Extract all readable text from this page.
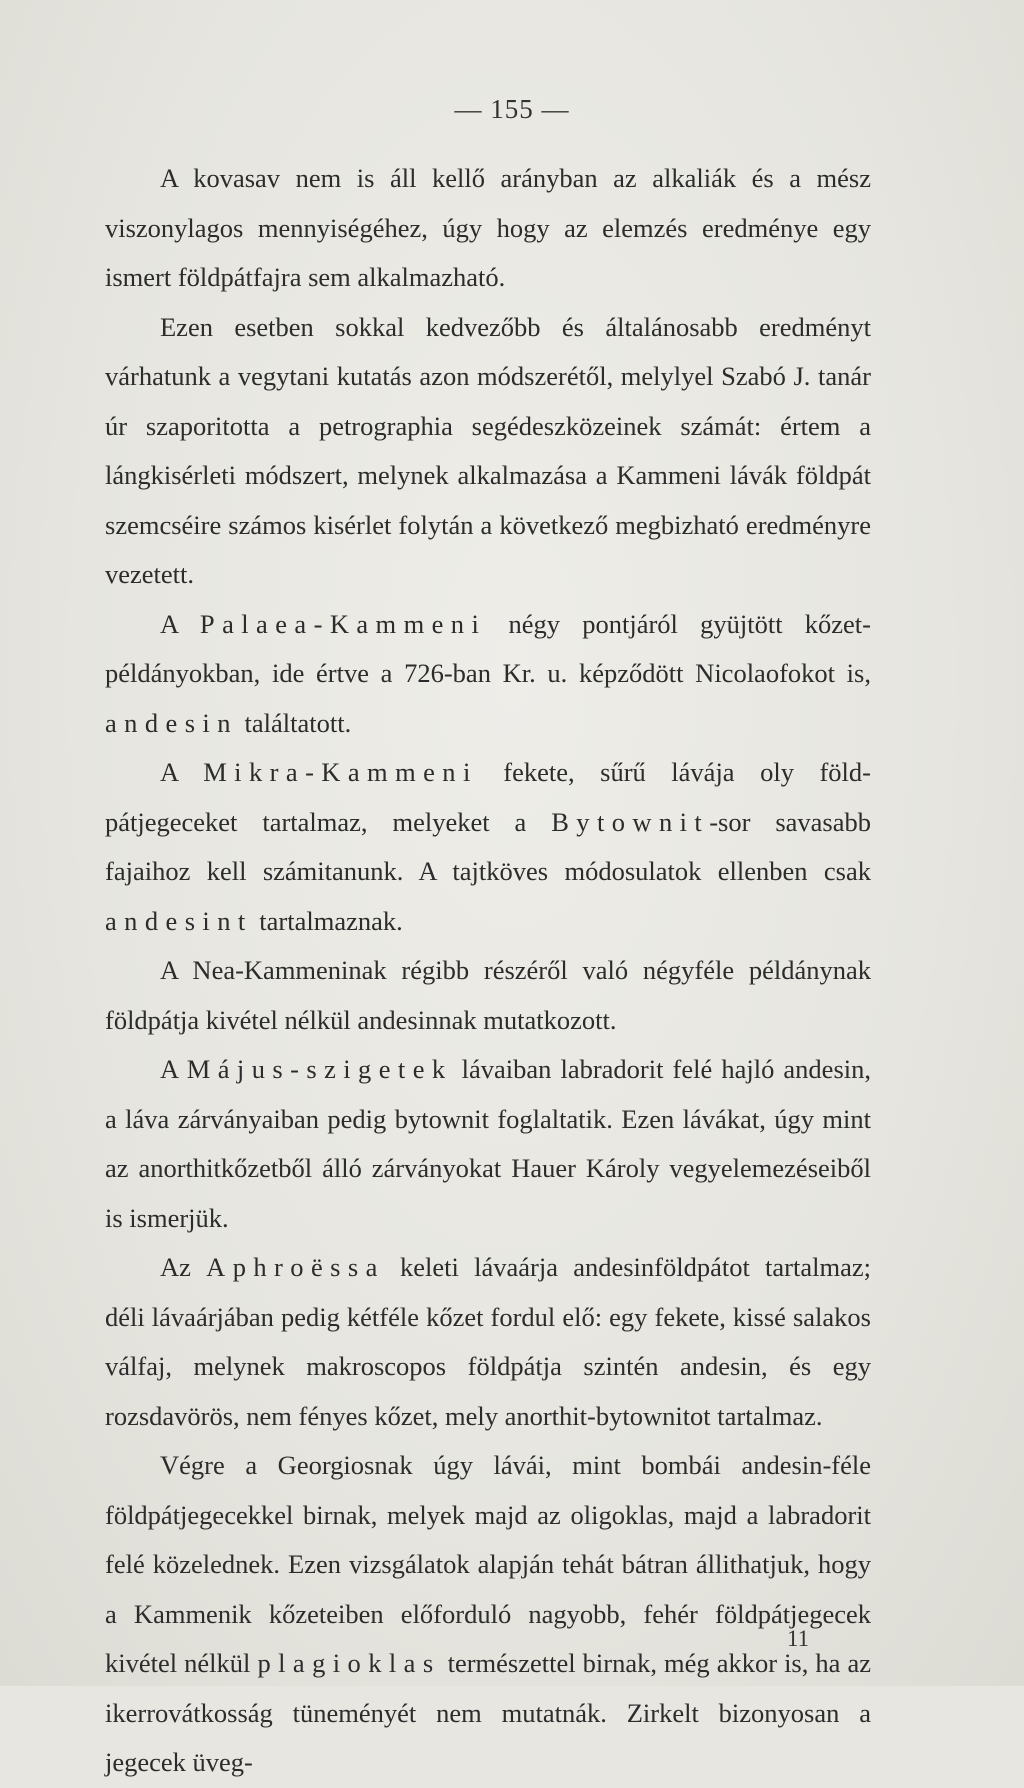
— 155 —

A kovasav nem is áll kellő arányban az alkaliák és a mész viszonylagos mennyiségéhez, úgy hogy az elemzés eredménye egy ismert földpátfajra sem alkalmazható.

Ezen esetben sokkal kedvezőbb és általánosabb eredményt várhatunk a vegytani kutatás azon módszerétől, melylyel Szabó J. tanár úr szaporitotta a petrographia segédeszközeinek számát: értem a lángkisérleti módszert, melynek alkalmazása a Kammeni lávák földpát szemcséire számos kisérlet folytán a következő megbizható eredményre vezetett.

A Palaea-Kammeni négy pontjáról gyüjtött kőzetpéldányokban, ide értve a 726-ban Kr. u. képződött Nicolaofokot is, andesin találtatott.

A Mikra-Kammeni fekete, sűrű lávája oly földpátjegeceket tartalmaz, melyeket a Bytownit-sor savasabb fajaihoz kell számitanunk. A tajtköves módosulatok ellenben csak andesint tartalmaznak.

A Nea-Kammeninak régibb részéről való négyféle példánynak földpátja kivétel nélkül andesinnak mutatkozott.

A Május-szigetek lávaiban labradorit felé hajló andesin, a láva zárványaiban pedig bytownit foglaltatik. Ezen lávákat, úgy mint az anorthitkőzetből álló zárványokat Hauer Károly vegyelemezéseiből is ismerjük.

Az Aphroëssa keleti lávaárja andesinföldpátot tartalmaz; déli lávaárjában pedig kétféle kőzet fordul elő: egy fekete, kissé salakos válfaj, melynek makroscopos földpátja szintén andesin, és egy rozsdavörös, nem fényes kőzet, mely anorthit-bytownitot tartalmaz.

Végre a Georgiosnak úgy lávái, mint bombái andesin-féle földpátjegecekkel birnak, melyek majd az oligoklas, majd a labradorit felé közelednek. Ezen vizsgálatok alapján tehát bátran állithatjuk, hogy a Kammenik kőzeteiben előforduló nagyobb, fehér földpátjegecek kivétel nélkül plagioklas természettel birnak, még akkor is, ha az ikerrovátkosság tüneményét nem mutatnák. Zirkelt bizonyosan a jegecek üveg-

11
